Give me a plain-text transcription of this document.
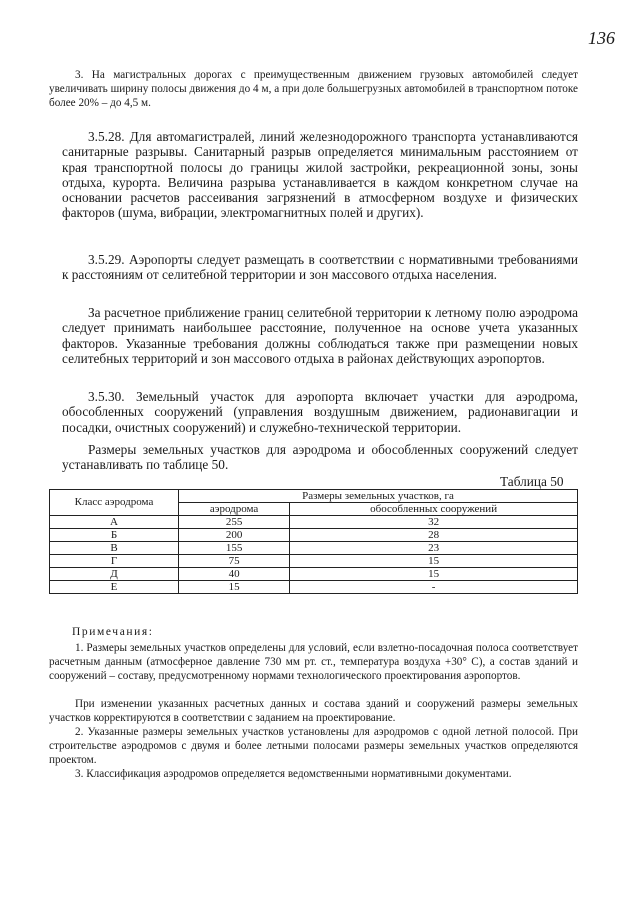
136

3. На магистральных дорогах с преимущественным движением грузовых автомобилей следует увеличивать ширину полосы движения до 4 м, а при доле большегрузных автомобилей в транспортном потоке более 20% – до 4,5 м.

3.5.28. Для автомагистралей, линий железнодорожного транспорта устанавливаются санитарные разрывы. Санитарный разрыв определяется минимальным расстоянием от края транспортной полосы до границы жилой застройки, рекреационной зоны, зоны отдыха, курорта. Величина разрыва устанавливается в каждом конкретном случае на основании расчетов рассеивания загрязнений в атмосферном воздухе и физических факторов (шума, вибрации, электромагнитных полей и других).

3.5.29. Аэропорты следует размещать в соответствии с нормативными требованиями к расстояниям от селитебной территории и зон массового отдыха населения.

За расчетное приближение границ селитебной территории к летному полю аэродрома следует принимать наибольшее расстояние, полученное на основе учета указанных факторов. Указанные требования должны соблюдаться также при размещении новых селитебных территорий и зон массового отдыха в районах действующих аэропортов.

3.5.30. Земельный участок для аэропорта включает участки для аэродрома, обособленных сооружений (управления воздушным движением, радионавигации и посадки, очистных сооружений) и служебно-технической территории.

Размеры земельных участков для аэродрома и обособленных сооружений следует устанавливать по таблице 50.

Таблица 50
Класс аэродрома	Размеры земельных участков, га	
	аэродрома	обособленных сооружений
А	255	32
Б	200	28
В	155	23
Г	75	15
Д	40	15
Е	15	-
Примечания:

1. Размеры земельных участков определены для условий, если взлетно-посадочная полоса соответствует расчетным данным (атмосферное давление 730 мм рт. ст., температура воздуха +30° С), а состав зданий и сооружений – составу, предусмотренному нормами технологического проектирования аэропортов.

При изменении указанных расчетных данных и состава зданий и сооружений размеры земельных участков корректируются в соответствии с заданием на проектирование.

2. Указанные размеры земельных участков установлены для аэродромов с одной летной полосой. При строительстве аэродромов с двумя и более летными полосами размеры земельных участков определяются проектом.

3. Классификация аэродромов определяется ведомственными нормативными документами.
